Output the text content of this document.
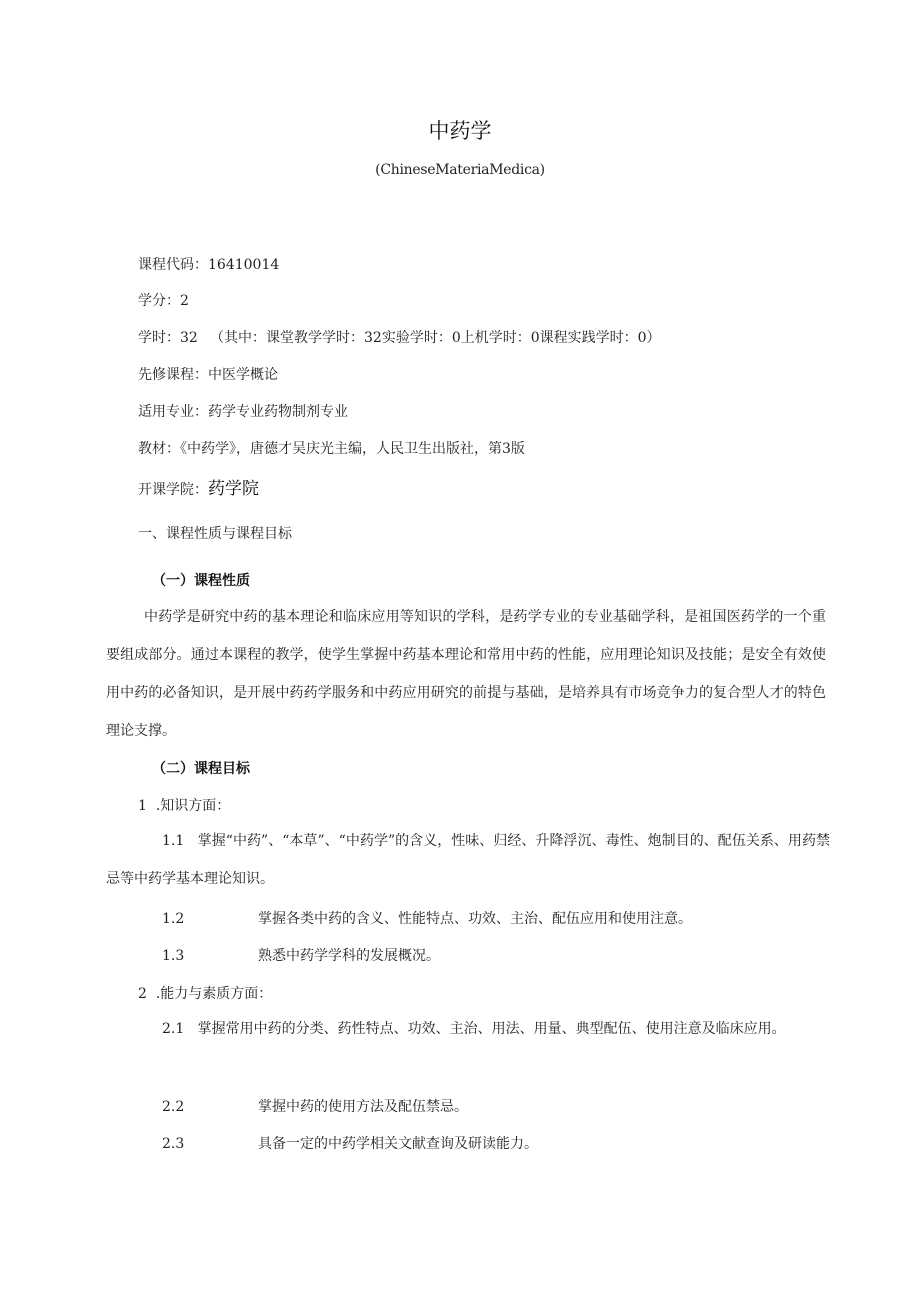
中药学
(ChineseMateriaMedica)
课程代码：16410014
学分：2
学时：32 （其中：课堂教学学时：32实验学时：0上机学时：0课程实践学时：0）
先修课程：中医学概论
适用专业：药学专业药物制剂专业
教材：《中药学》，唐德才吴庆光主编，人民卫生出版社，第3版
开课学院：药学院
一、课程性质与课程目标
（一）课程性质
中药学是研究中药的基本理论和临床应用等知识的学科，是药学专业的专业基础学科，是祖国医药学的一个重要组成部分。通过本课程的教学，使学生掌握中药基本理论和常用中药的性能，应用理论知识及技能；是安全有效使用中药的必备知识，是开展中药药学服务和中药应用研究的前提与基础，是培养具有市场竞争力的复合型人才的特色理论支撑。
（二）课程目标
1  .知识方面：
1.1   掌握“中药”、“本草”、“中药学”的含义，性味、归经、升降浮沉、毒性、炮制目的、配伍关系、用药禁忌等中药学基本理论知识。
1.2	掌握各类中药的含义、性能特点、功效、主治、配伍应用和使用注意。
1.3	熟悉中药学学科的发展概况。
2  .能力与素质方面：
2.1   掌握常用中药的分类、药性特点、功效、主治、用法、用量、典型配伍、使用注意及临床应用。
2.2	掌握中药的使用方法及配伍禁忌。
2.3	具备一定的中药学相关文献查询及研读能力。
